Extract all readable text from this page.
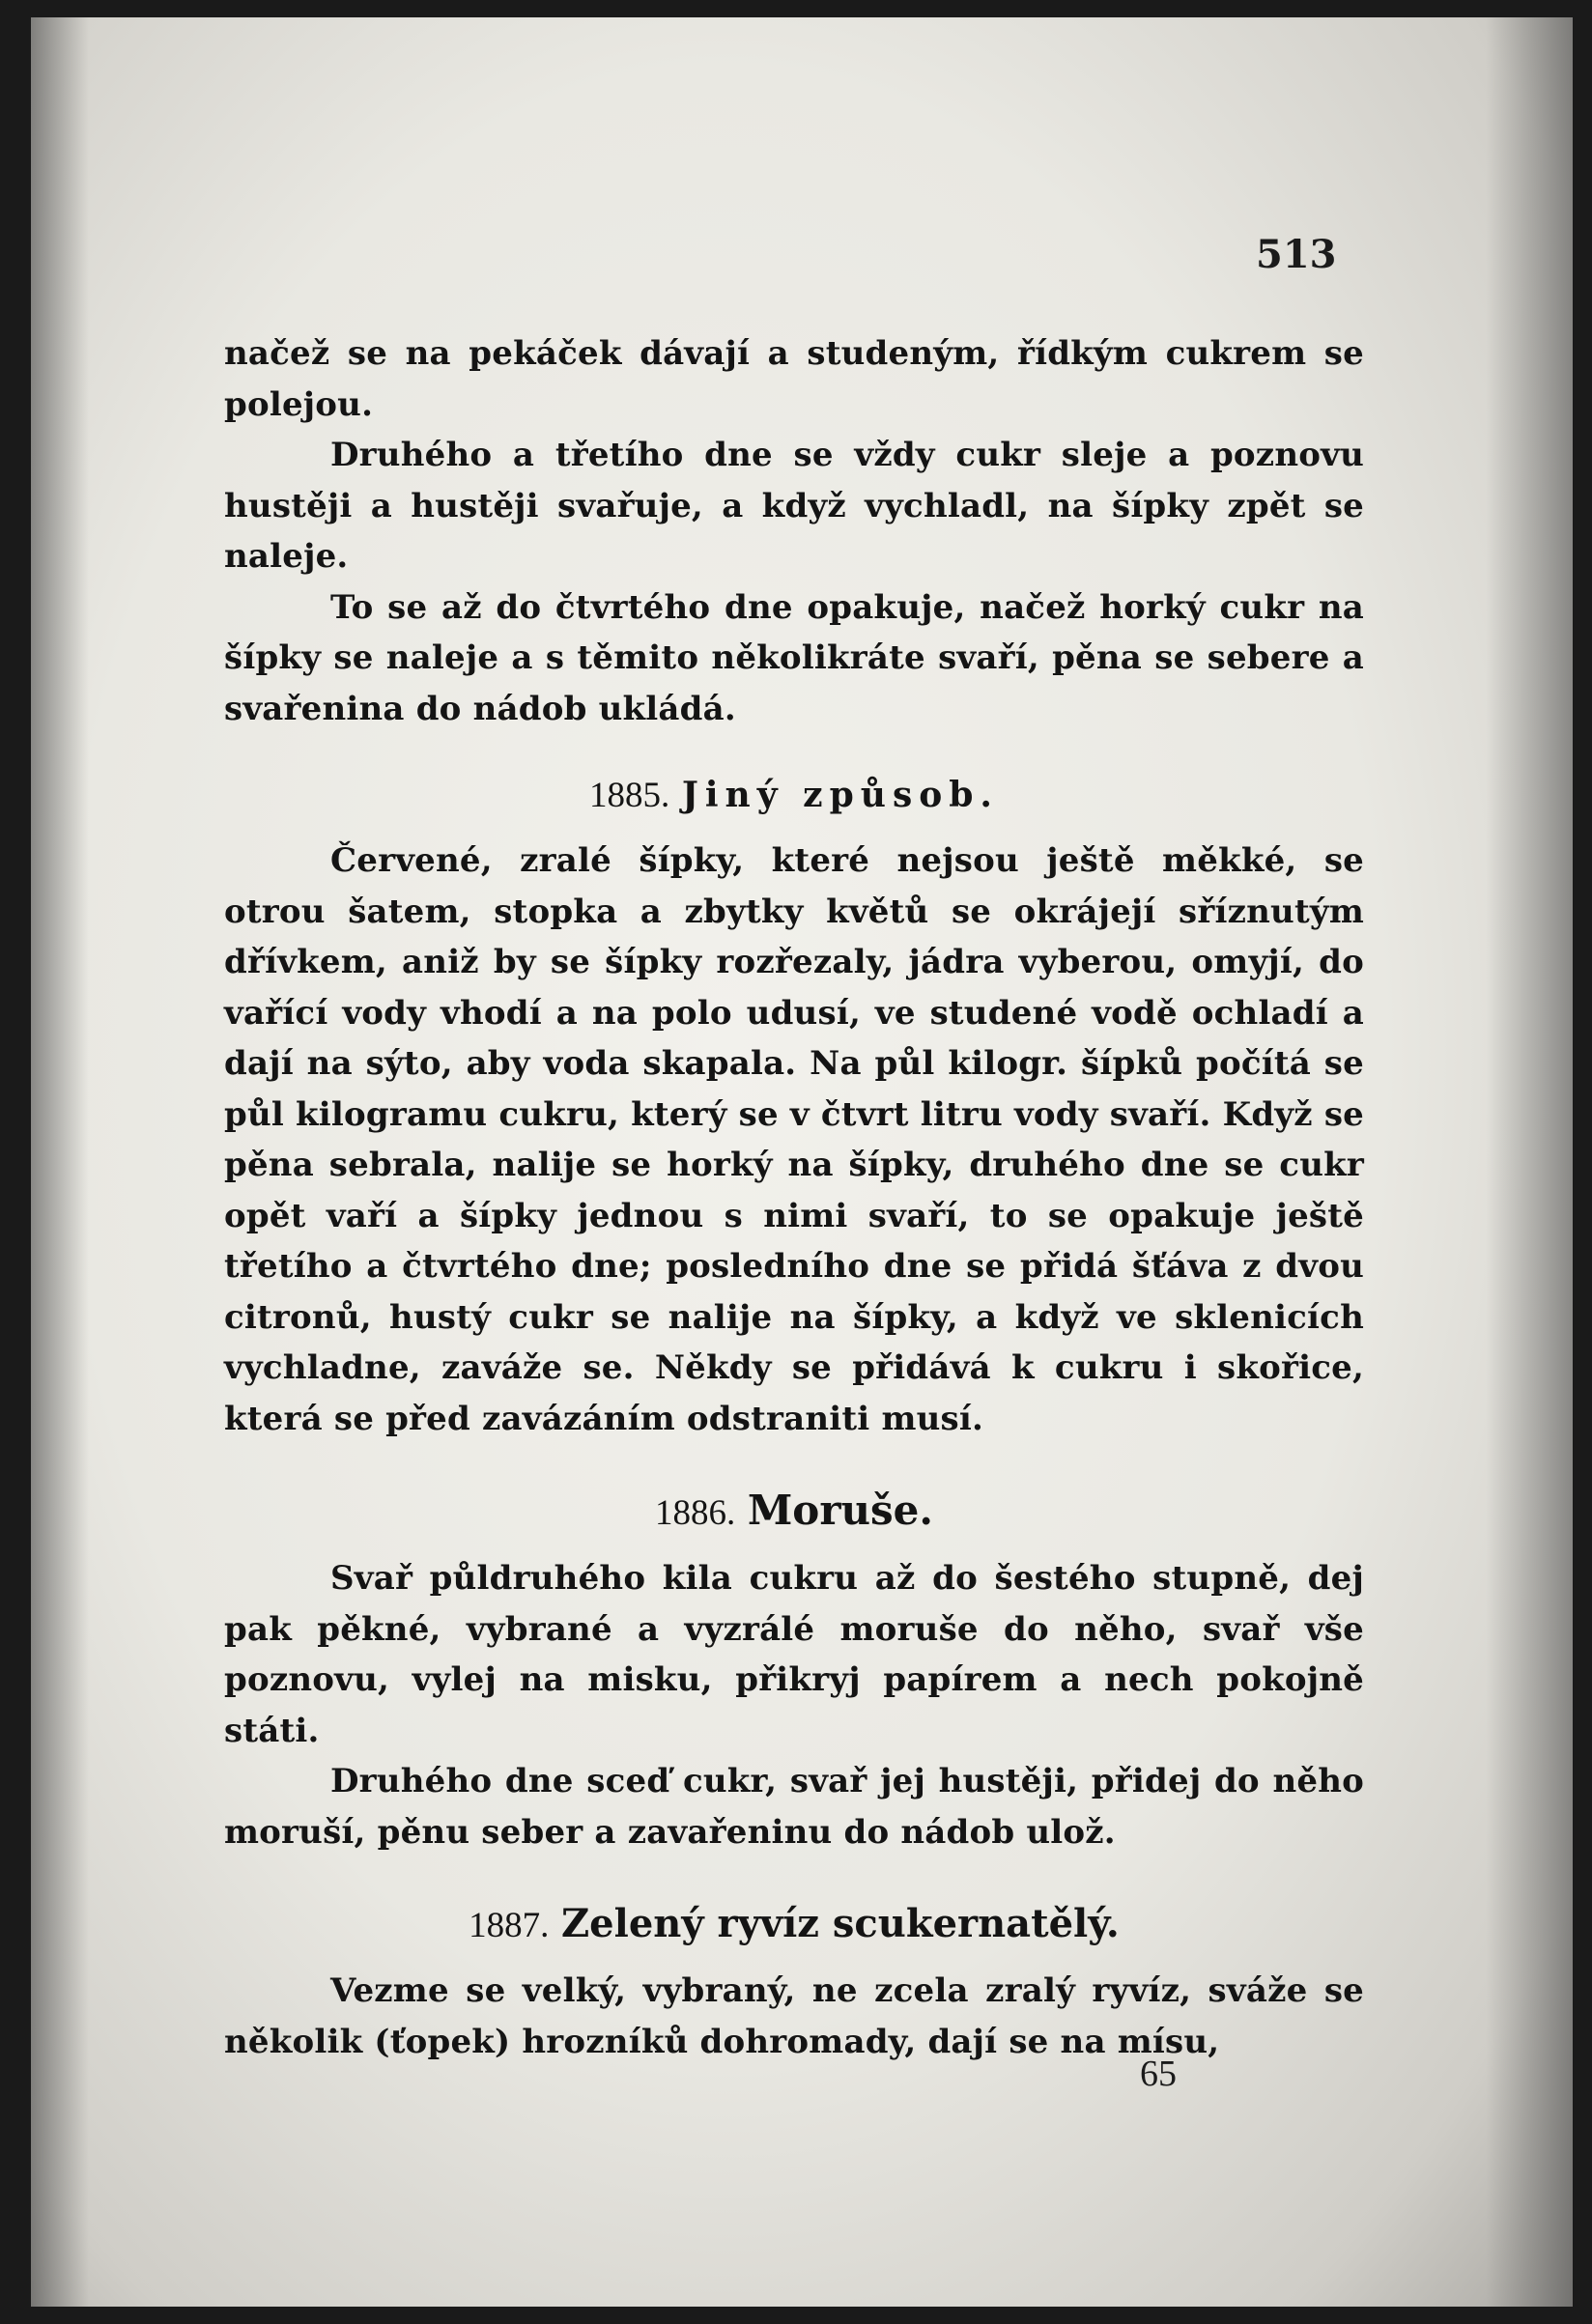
513

načež se na pekáček dávají a studeným, řídkým cukrem se polejou.

Druhého a třetího dne se vždy cukr sleje a poznovu hustěji a hustěji svařuje, a když vychladl, na šípky zpět se naleje.

To se až do čtvrtého dne opakuje, načež horký cukr na šípky se naleje a s těmito několikráte svaří, pěna se sebere a svařenina do nádob ukládá.

1885. Jiný způsob.

Červené, zralé šípky, které nejsou ještě měkké, se otrou šatem, stopka a zbytky květů se okrájejí sříznutým dřívkem, aniž by se šípky rozřezaly, jádra vyberou, omyjí, do vařící vody vhodí a na polo udusí, ve studené vodě ochladí a dají na sýto, aby voda skapala. Na půl kilogr. šípků počítá se půl kilogramu cukru, který se v čtvrt litru vody svaří. Když se pěna sebrala, nalije se horký na šípky, druhého dne se cukr opět vaří a šípky jednou s nimi svaří, to se opakuje ještě třetího a čtvrtého dne; posledního dne se přidá šťáva z dvou citronů, hustý cukr se nalije na šípky, a když ve sklenicích vychladne, zaváže se. Někdy se přidává k cukru i skořice, která se před zavázáním odstraniti musí.

1886. Moruše.

Svař půldruhého kila cukru až do šestého stupně, dej pak pěkné, vybrané a vyzrálé moruše do něho, svař vše poznovu, vylej na misku, přikryj papírem a nech pokojně státi.

Druhého dne sceď cukr, svař jej hustěji, přidej do něho moruší, pěnu seber a zavařeninu do nádob ulož.

1887. Zelený ryvíz scukernatělý.

Vezme se velký, vybraný, ne zcela zralý ryvíz, sváže se několik (ťopek) hrozníků dohromady, dají se na mísu,

65
